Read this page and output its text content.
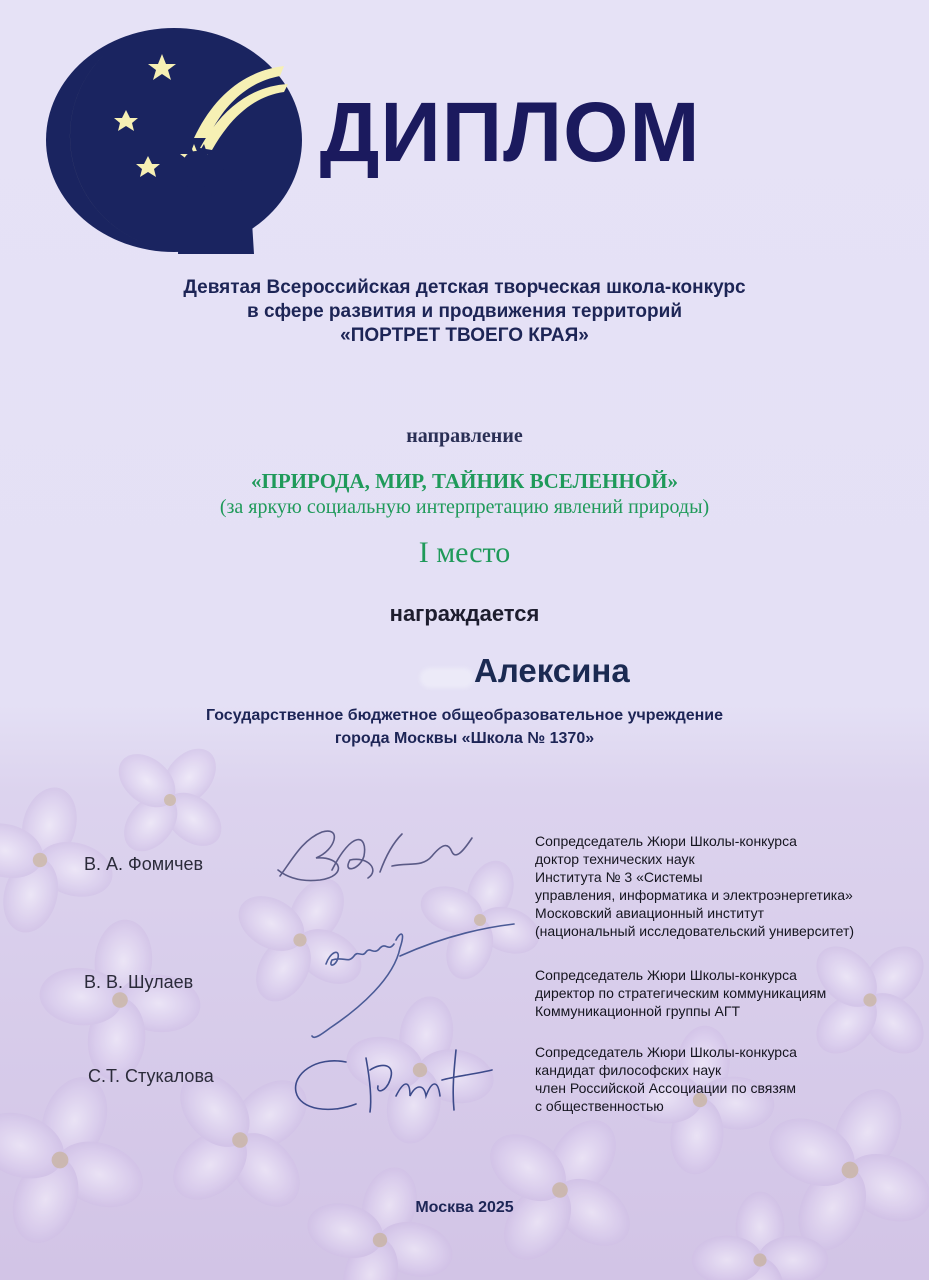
ДИПЛОМ
Девятая Всероссийская детская творческая школа-конкурс
в сфере развития и продвижения территорий
«ПОРТРЕТ ТВОЕГО КРАЯ»
направление
«ПРИРОДА, МИР, ТАЙНИК ВСЕЛЕННОЙ»
(за яркую социальную интерпретацию явлений природы)
I место
награждается
Алексина
Государственное бюджетное общеобразовательное учреждение
города Москвы «Школа № 1370»
В. А. Фомичев
Сопредседатель Жюри Школы-конкурса
доктор технических наук
Института № 3 «Системы
управления, информатика и электроэнергетика»
Московский авиационный институт
(национальный исследовательский университет)
В. В. Шулаев	Сопредседатель Жюри Школы-конкурса
директор по стратегическим коммуникациям
Коммуникационной группы АГТ
С.Т. Стукалова
Сопредседатель Жюри Школы-конкурса
кандидат философских наук
член Российской Ассоциации по связям
с общественностью
Москва 2025
